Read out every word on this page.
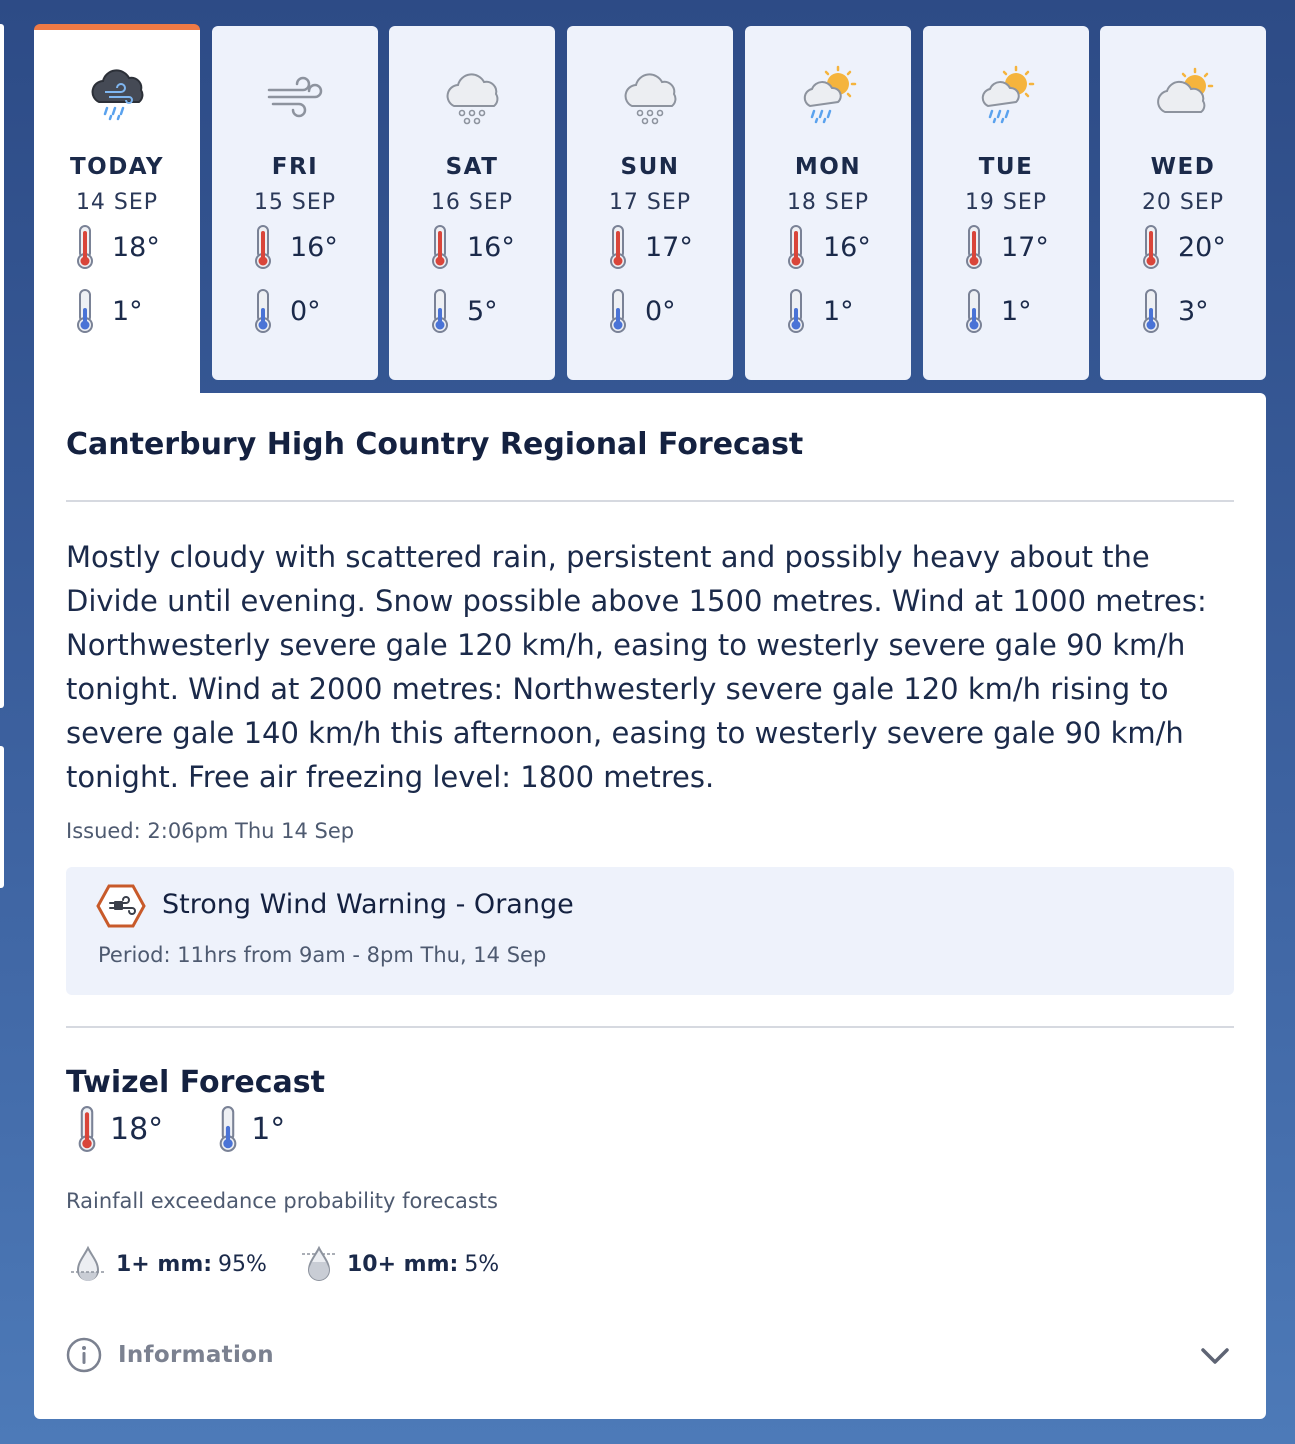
TODAY
14 SEP
18°
1°
FRI
15 SEP
16°
0°
SAT
16 SEP
16°
5°
SUN
17 SEP
17°
0°
MON
18 SEP
16°
1°
TUE
19 SEP
17°
1°
WED
20 SEP
20°
3°
Canterbury High Country Regional Forecast

Mostly cloudy with scattered rain, persistent and possibly heavy about the Divide until evening. Snow possible above 1500 metres. Wind at 1000 metres: Northwesterly severe gale 120 km/h, easing to westerly severe gale 90 km/h tonight. Wind at 2000 metres: Northwesterly severe gale 120 km/h rising to severe gale 140 km/h this afternoon, easing to westerly severe gale 90 km/h tonight. Free air freezing level: 1800 metres.

Issued: 2:06pm Thu 14 Sep
Strong Wind Warning - Orange
Period: 11hrs from 9am - 8pm Thu, 14 Sep
Twizel Forecast
18°	1°
Rainfall exceedance probability forecasts
1+ mm: 95%	10+ mm: 5%
Information
